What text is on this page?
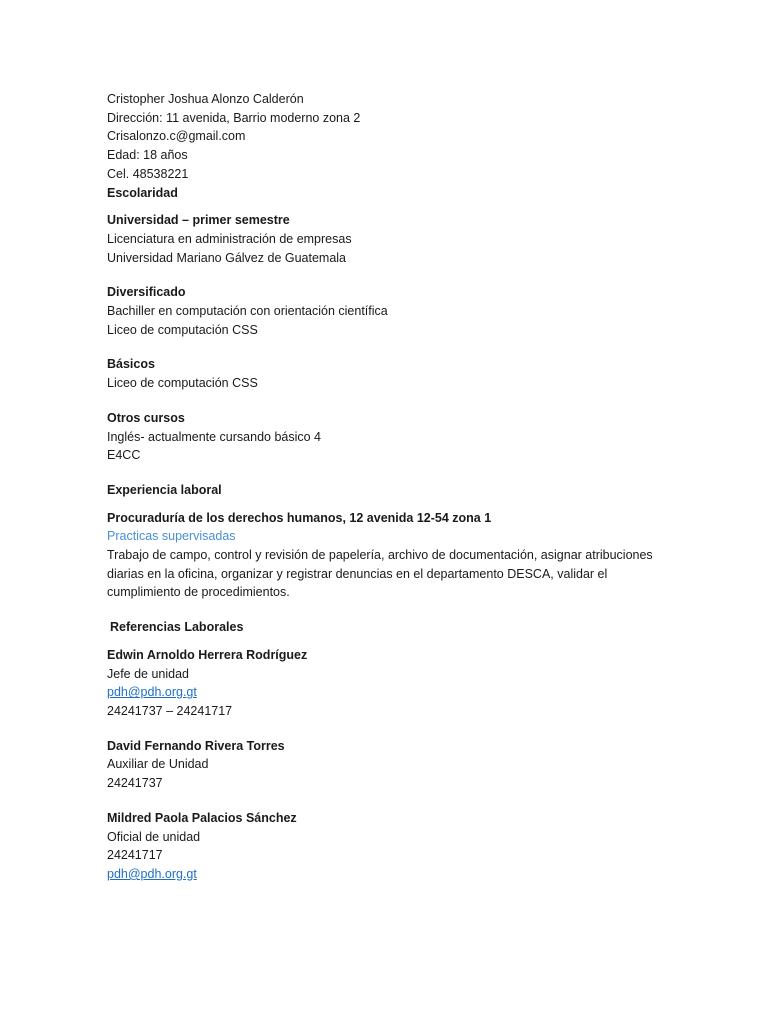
Cristopher Joshua Alonzo Calderón

Dirección: 11 avenida, Barrio moderno zona 2

Crisalonzo.c@gmail.com

Edad: 18 años

Cel. 48538221

Escolaridad

Universidad – primer semestre

Licenciatura en administración de empresas

Universidad Mariano Gálvez de Guatemala

Diversificado

Bachiller en computación con orientación científica

Liceo de computación CSS

Básicos

Liceo de computación CSS

Otros cursos

Inglés- actualmente cursando básico 4

E4CC

Experiencia laboral

Procuraduría de los derechos humanos, 12 avenida 12-54 zona 1

Practicas supervisadas

Trabajo de campo, control y revisión de papelería, archivo de documentación, asignar atribuciones diarias en la oficina, organizar y registrar denuncias en el departamento DESCA, validar el cumplimiento de procedimientos.

Referencias Laborales

Edwin Arnoldo Herrera Rodríguez

Jefe de unidad

pdh@pdh.org.gt

24241737 – 24241717

David Fernando Rivera Torres

Auxiliar de Unidad

24241737

Mildred Paola Palacios Sánchez

Oficial de unidad

24241717

pdh@pdh.org.gt
